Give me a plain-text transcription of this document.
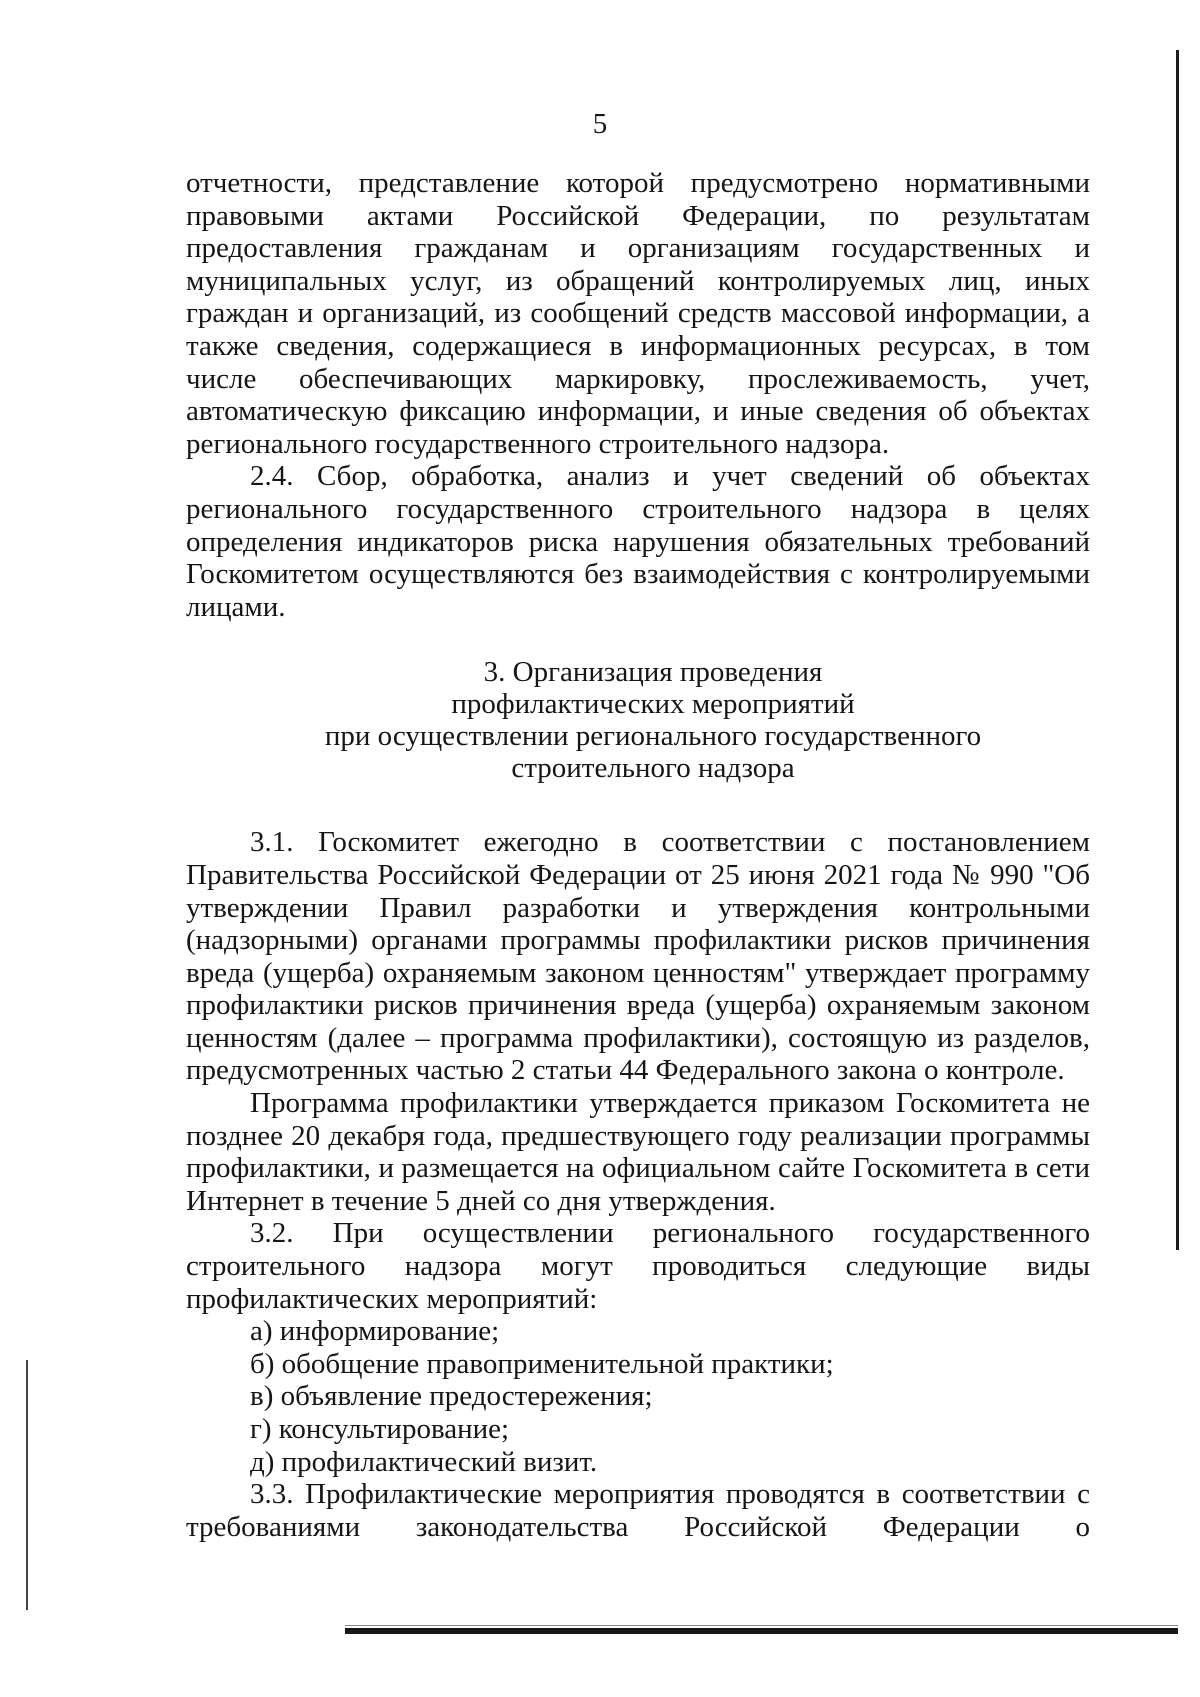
5

отчетности, представление которой предусмотрено нормативными правовыми актами Российской Федерации, по результатам предоставления гражданам и организациям государственных и муниципальных услуг, из обращений контролируемых лиц, иных граждан и организаций, из сообщений средств массовой информации, а также сведения, содержащиеся в информационных ресурсах, в том числе обеспечивающих маркировку, прослеживаемость, учет, автоматическую фиксацию информации, и иные сведения об объектах регионального государственного строительного надзора.

2.4. Сбор, обработка, анализ и учет сведений об объектах регионального государственного строительного надзора в целях определения индикаторов риска нарушения обязательных требований Госкомитетом осуществляются без взаимодействия с контролируемыми лицами.

3. Организация проведения
профилактических мероприятий
при осуществлении регионального государственного
строительного надзора

3.1. Госкомитет ежегодно в соответствии с постановлением Правительства Российской Федерации от 25 июня 2021 года № 990 "Об утверждении Правил разработки и утверждения контрольными (надзорными) органами программы профилактики рисков причинения вреда (ущерба) охраняемым законом ценностям" утверждает программу профилактики рисков причинения вреда (ущерба) охраняемым законом ценностям (далее – программа профилактики), состоящую из разделов, предусмотренных частью 2 статьи 44 Федерального закона о контроле.

Программа профилактики утверждается приказом Госкомитета не позднее 20 декабря года, предшествующего году реализации программы профилактики, и размещается на официальном сайте Госкомитета в сети Интернет в течение 5 дней со дня утверждения.

3.2. При осуществлении регионального государственного строительного надзора могут проводиться следующие виды профилактических мероприятий:

а) информирование;

б) обобщение правоприменительной практики;

в) объявление предостережения;

г) консультирование;

д) профилактический визит.

3.3. Профилактические мероприятия проводятся в соответствии с требованиями законодательства Российской Федерации о
